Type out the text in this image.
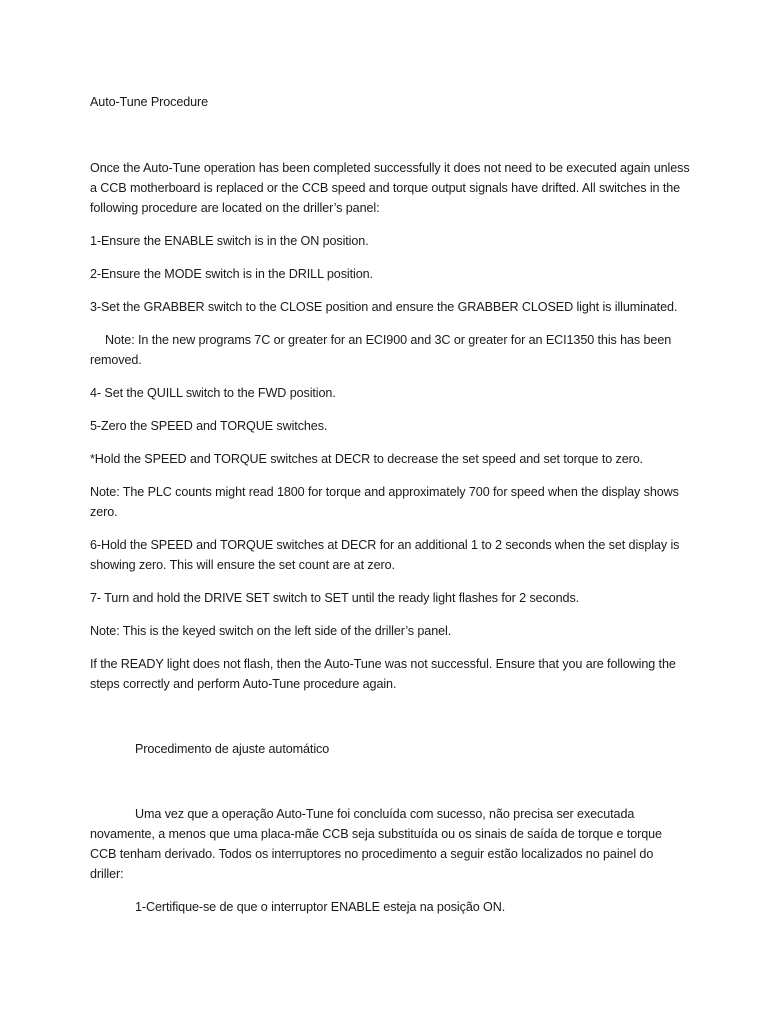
Auto-Tune Procedure

Once the Auto-Tune operation has been completed successfully it does not need to be executed again unless a CCB motherboard is replaced or the CCB speed and torque output signals have drifted. All switches in the following procedure are located on the driller’s panel:

1-Ensure the ENABLE switch is in the ON position.

2-Ensure the MODE switch is in the DRILL position.

3-Set the GRABBER switch to the CLOSE position and ensure the GRABBER CLOSED light is illuminated.

Note: In the new programs 7C or greater for an ECI900 and 3C or greater for an ECI1350 this has been removed.

4- Set the QUILL switch to the FWD position.

5-Zero the SPEED and TORQUE switches.

*Hold the SPEED and TORQUE switches at DECR to decrease the set speed and set torque to zero.

Note: The PLC counts might read 1800 for torque and approximately 700 for speed when the display shows zero.

6-Hold the SPEED and TORQUE switches at DECR for an additional 1 to 2 seconds when the set display is showing zero. This will ensure the set count are at zero.

7- Turn and hold the DRIVE SET switch to SET until the ready light flashes for 2 seconds.

Note: This is the keyed switch on the left side of the driller’s panel.

If the READY light does not flash, then the Auto-Tune was not successful. Ensure that you are following the steps correctly and perform Auto-Tune procedure again.

Procedimento de ajuste automático

Uma vez que a operação Auto-Tune foi concluída com sucesso, não precisa ser executada novamente, a menos que uma placa-mãe CCB seja substituída ou os sinais de saída de torque e torque CCB tenham derivado. Todos os interruptores no procedimento a seguir estão localizados no painel do driller:

1-Certifique-se de que o interruptor ENABLE esteja na posição ON.
